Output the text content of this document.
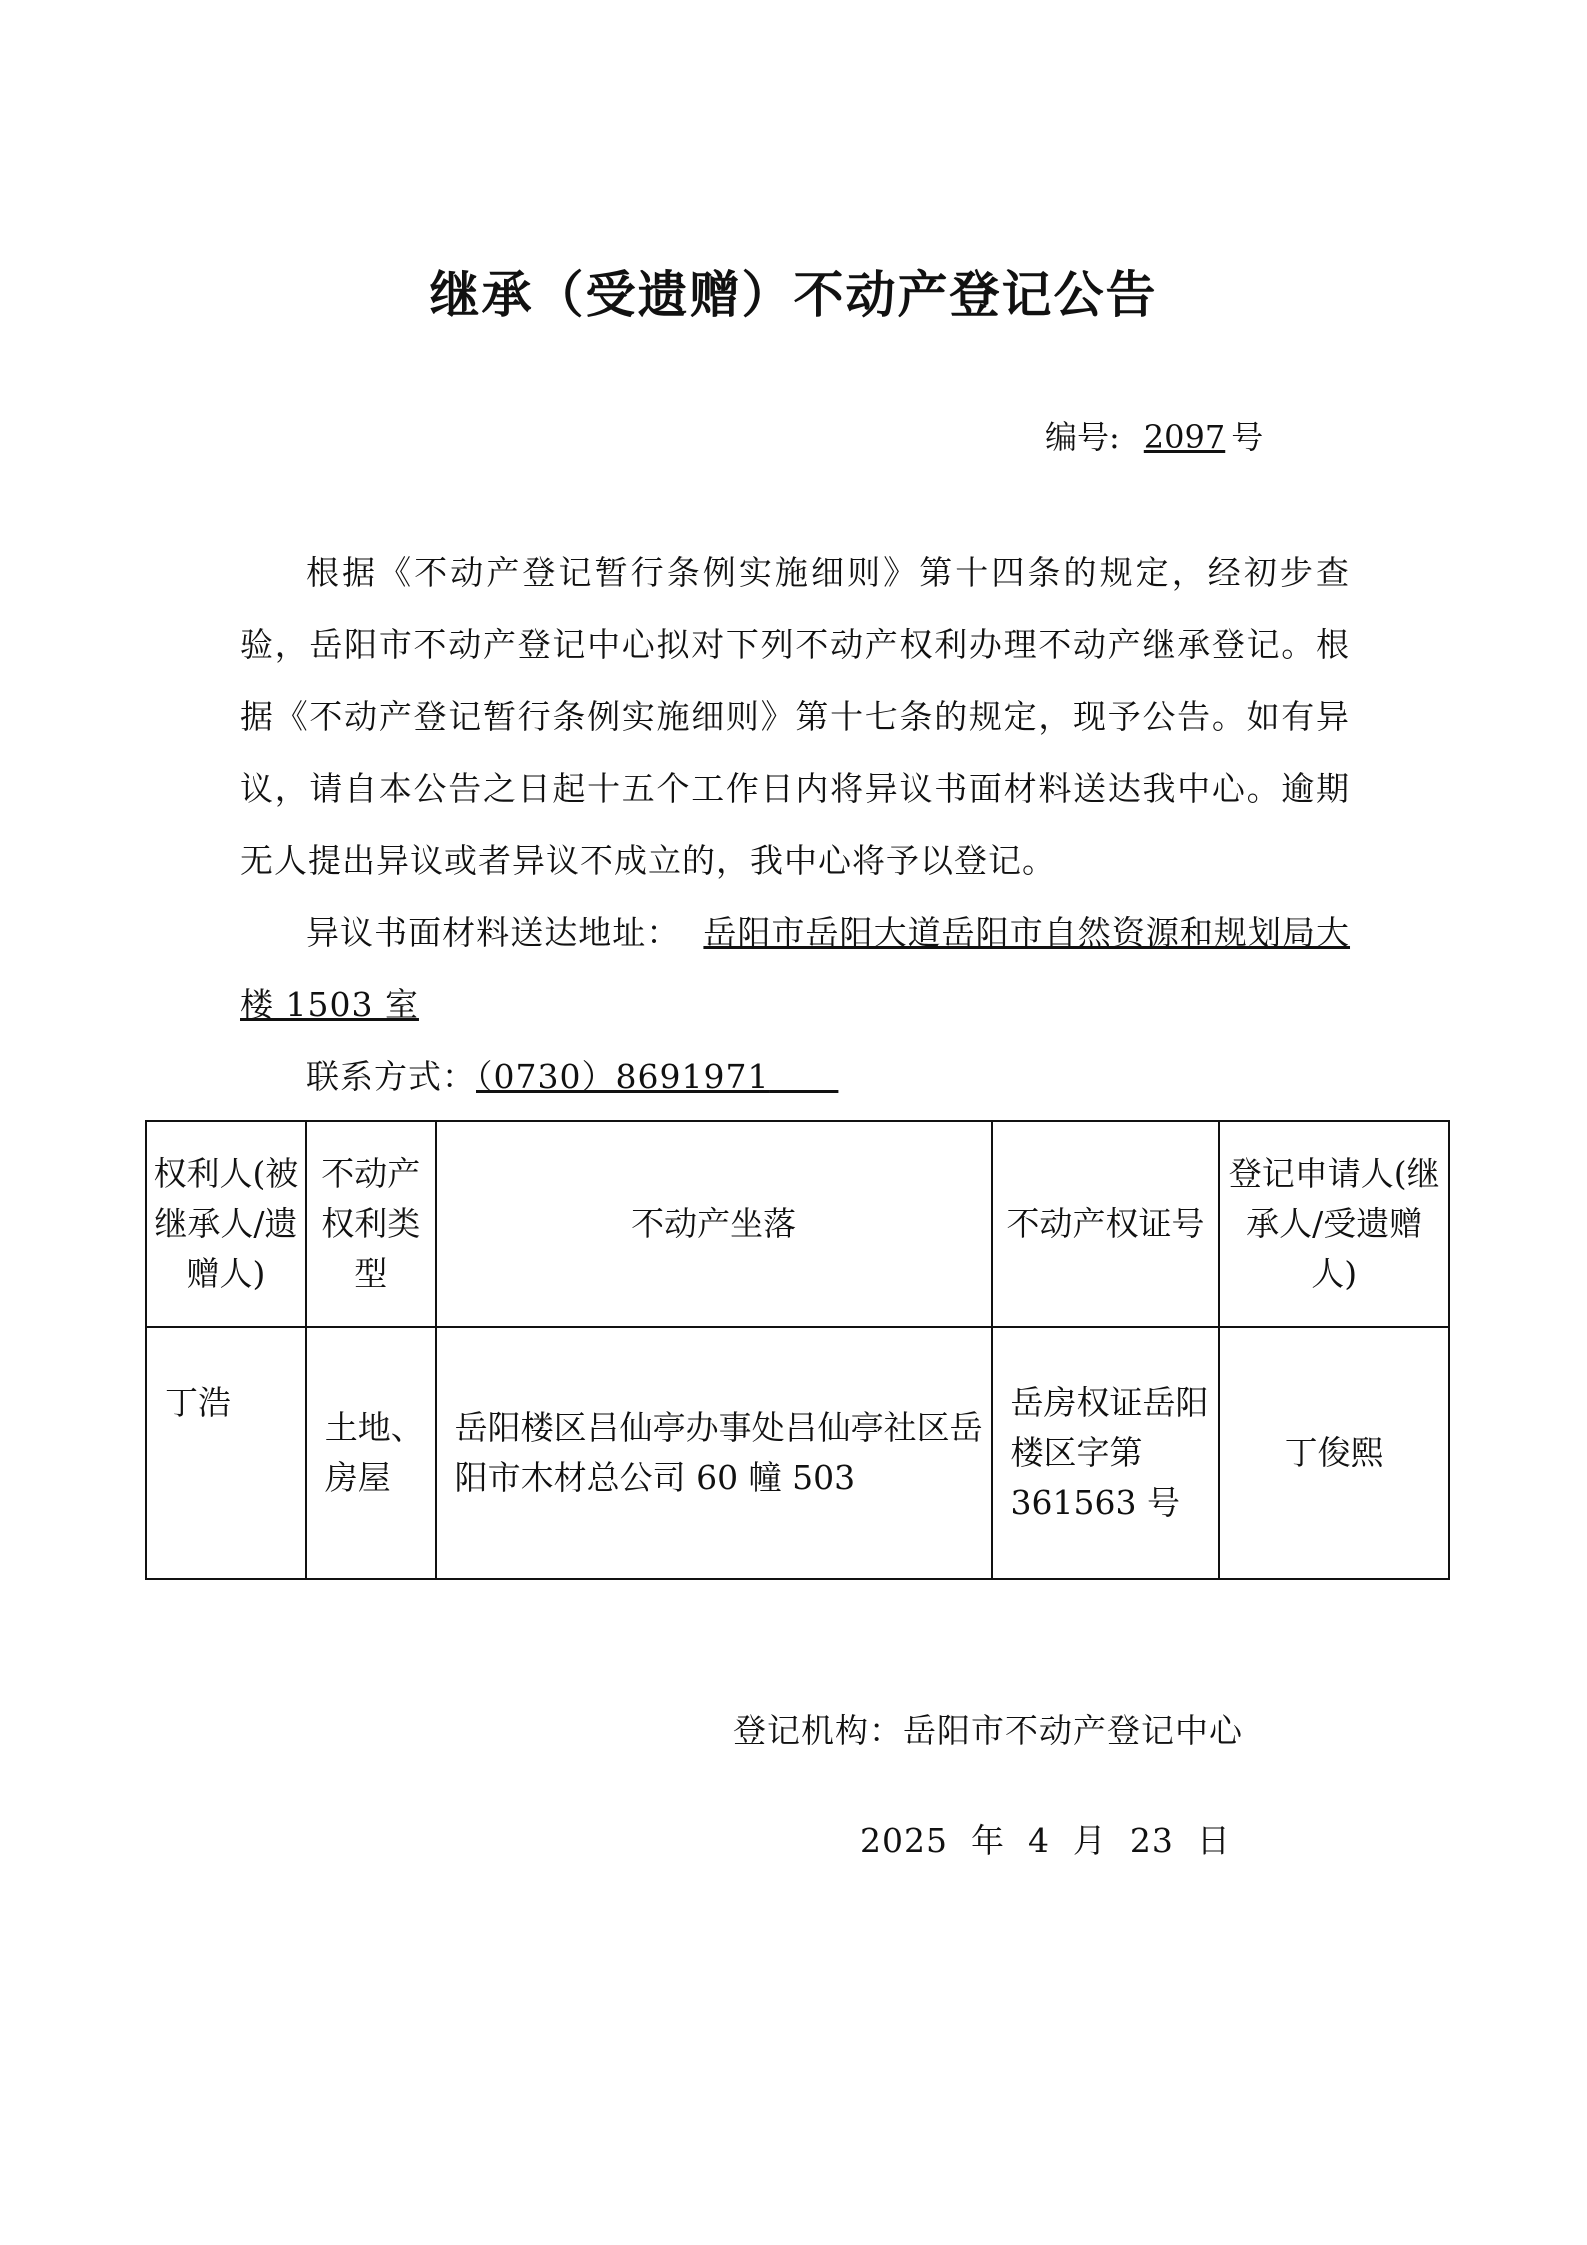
继承（受遗赠）不动产登记公告
编号: 2097 号

根据《不动产登记暂行条例实施细则》第十四条的规定，经初步查验，岳阳市不动产登记中心拟对下列不动产权利办理不动产继承登记。根据《不动产登记暂行条例实施细则》第十七条的规定，现予公告。如有异议，请自本公告之日起十五个工作日内将异议书面材料送达我中心。逾期无人提出异议或者异议不成立的，我中心将予以登记。

异议书面材料送达地址： 岳阳市岳阳大道岳阳市自然资源和规划局大楼 1503 室

联系方式：（0730）8691971

权利人(被继承人/遗赠人)	不动产权利类型	不动产坐落	不动产权证号	登记申请人(继承人/受遗赠人)
丁浩	土地、房屋	岳阳楼区吕仙亭办事处吕仙亭社区岳阳市木材总公司 60 幢 503	岳房权证岳阳楼区字第 361563 号	丁俊熙
登记机构：岳阳市不动产登记中心
2025  年  4  月  23  日
